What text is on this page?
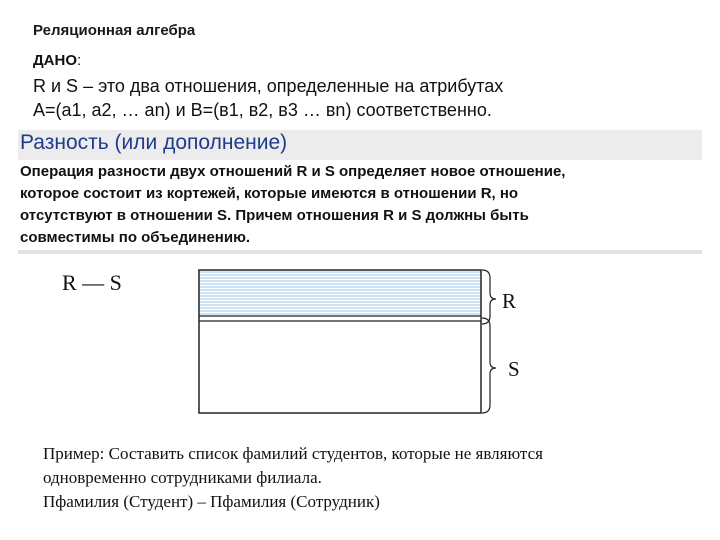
Реляционная алгебра
ДАНО:
R и S – это два отношения, определенные на атрибутах
A=(a1, a2, … an) и B=(в1, в2, в3 … вn) соответственно.
Разность (или дополнение)
Операция разности двух отношений R и S определяет новое отношение,
которое состоит из кортежей, которые имеются в отношении R, но
отсутствуют в отношении S. Причем отношения R и S должны быть
совместимы по объединению.
R — S
R
S
Пример: Составить список фамилий студентов, которые не являются
одновременно сотрудниками филиала.
Пфамилия (Студент) – Пфамилия (Сотрудник)
